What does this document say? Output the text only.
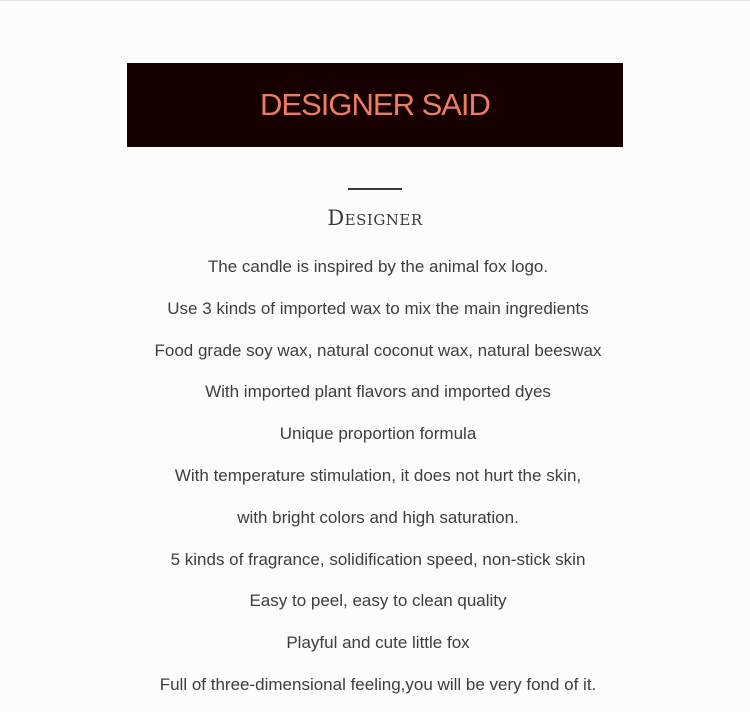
DESIGNER SAID
Designer
The candle is inspired by the animal fox logo.
Use 3 kinds of imported wax to mix the main ingredients
Food grade soy wax, natural coconut wax, natural beeswax
With imported plant flavors and imported dyes
Unique proportion formula
With temperature stimulation, it does not hurt the skin,
with bright colors and high saturation.
5 kinds of fragrance, solidification speed, non-stick skin
Easy to peel, easy to clean quality
Playful and cute little fox
Full of three-dimensional feeling,you will be very fond of it.
